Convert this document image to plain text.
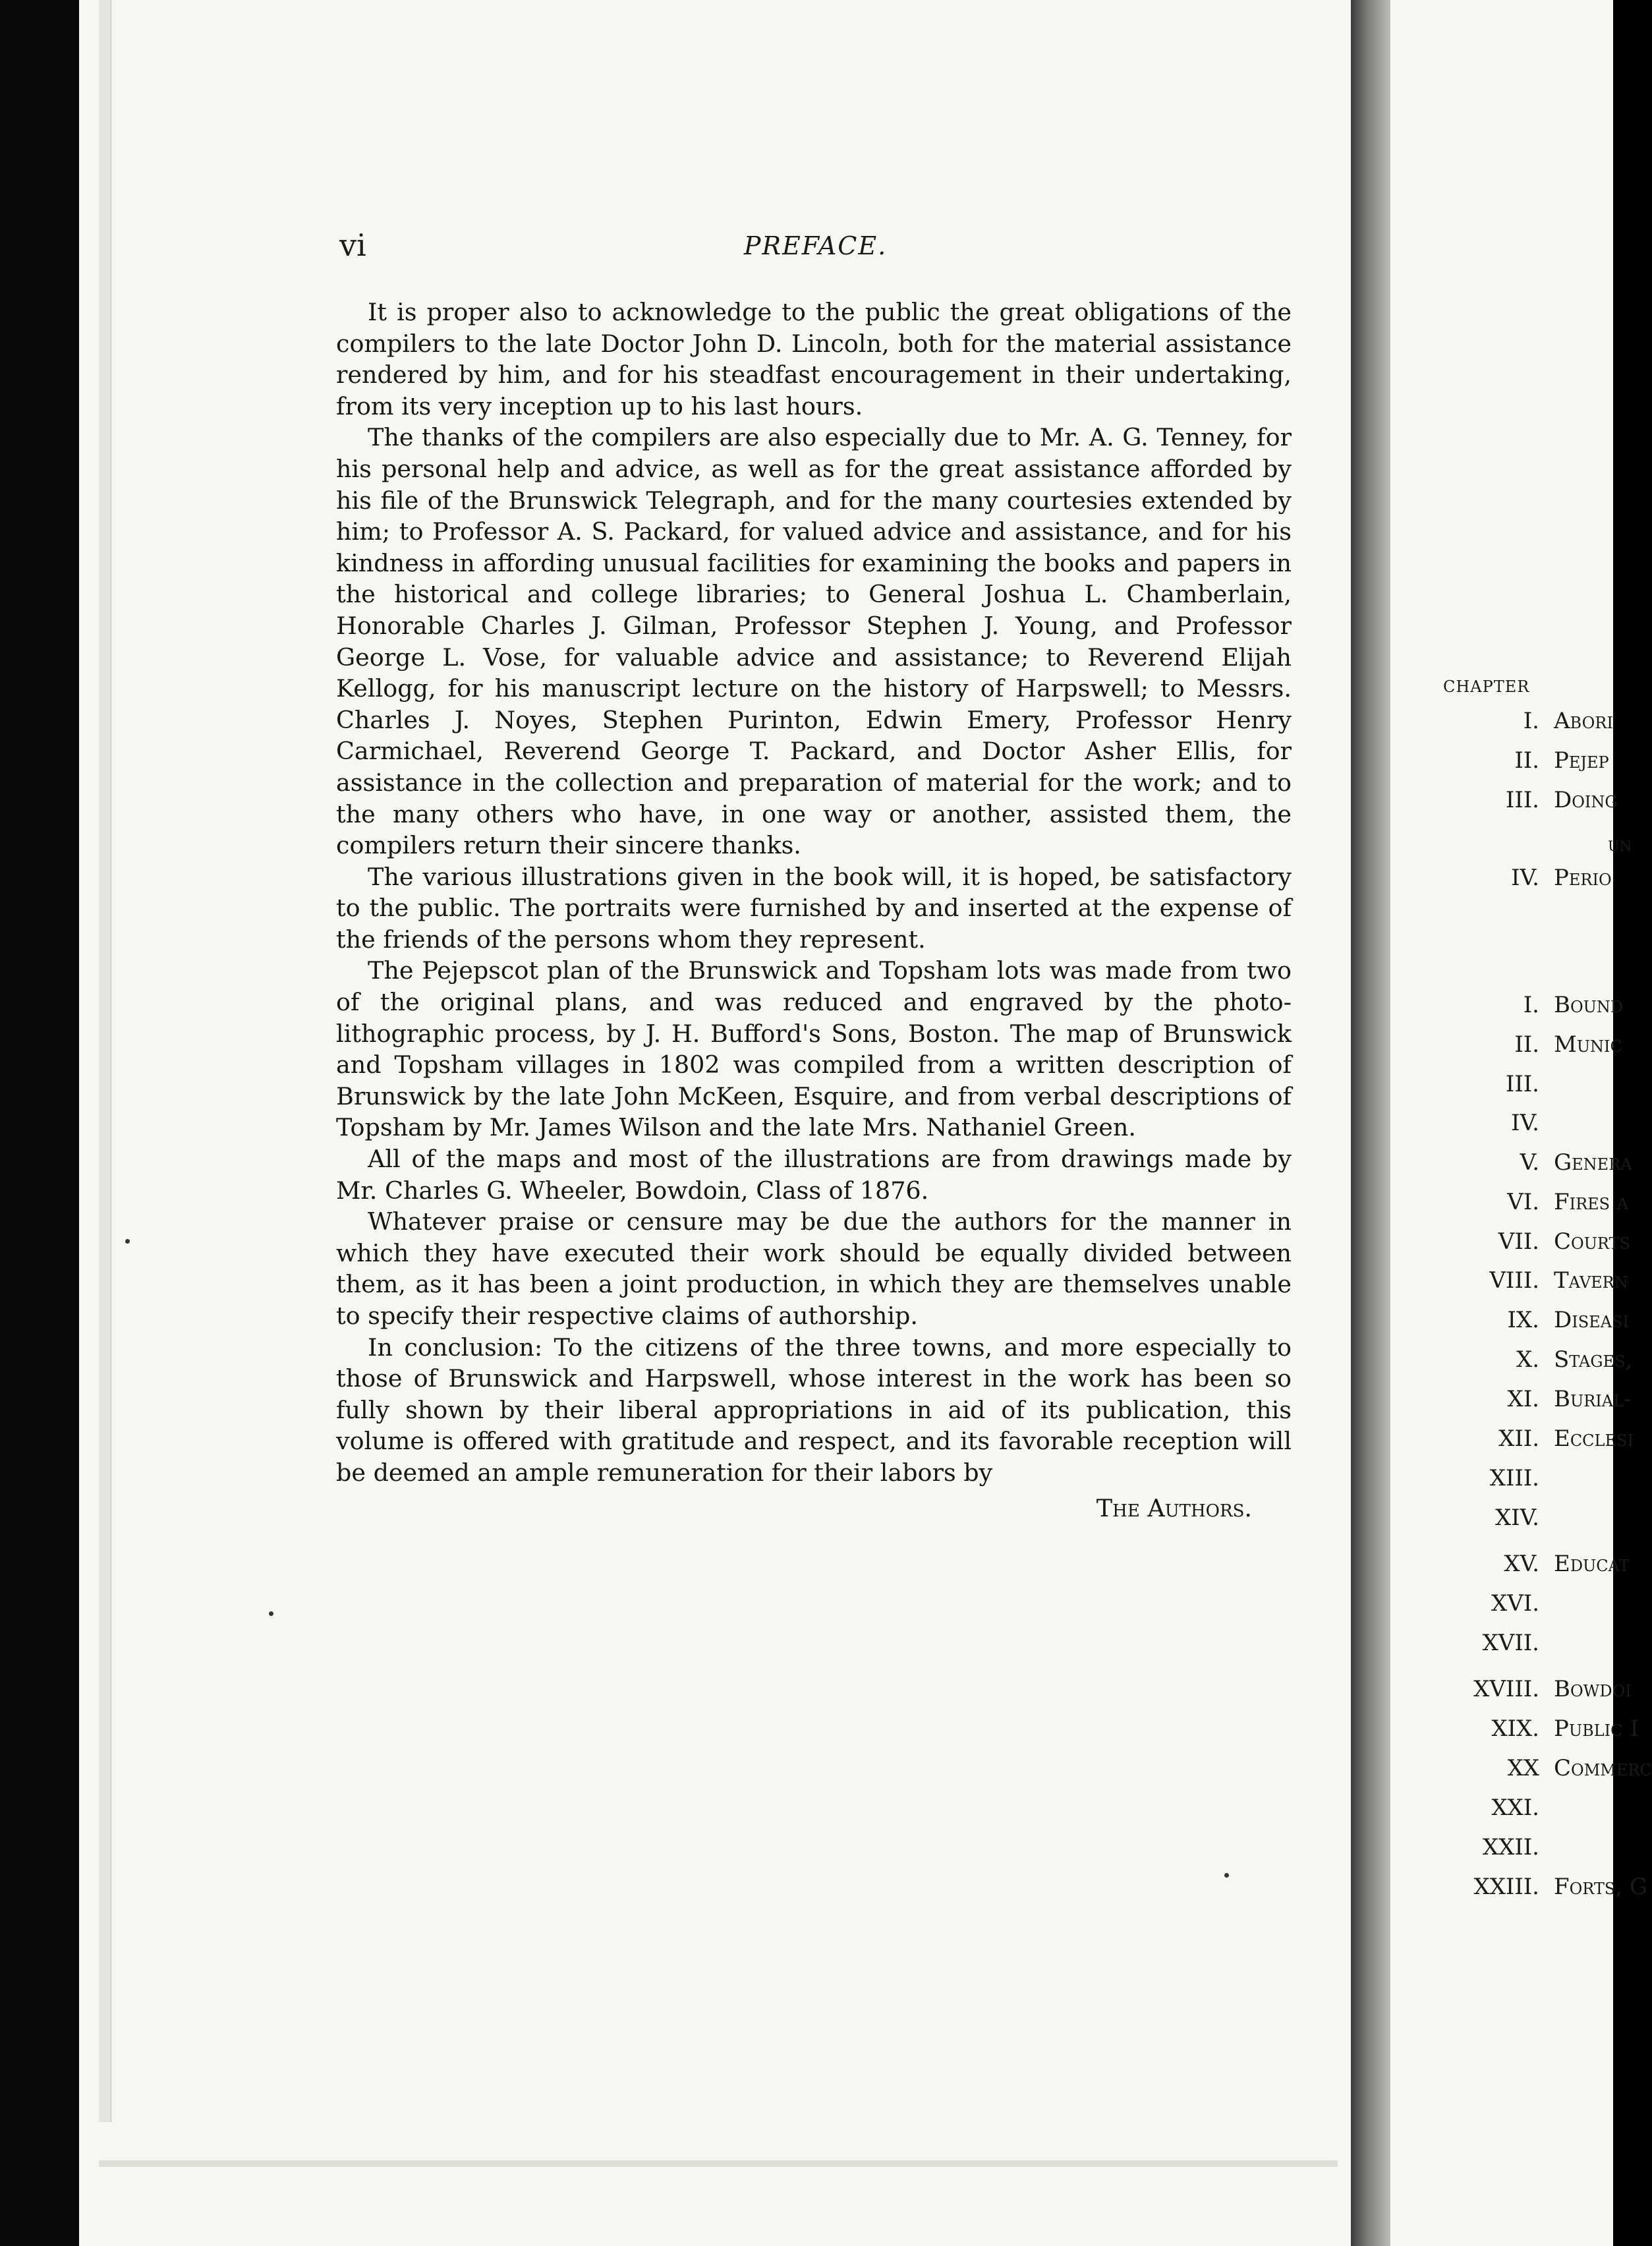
vi	PREFACE.

It is proper also to acknowledge to the public the great obligations of the compilers to the late Doctor John D. Lincoln, both for the material assistance rendered by him, and for his steadfast encouragement in their undertaking, from its very inception up to his last hours.

The thanks of the compilers are also especially due to Mr. A. G. Tenney, for his personal help and advice, as well as for the great assistance afforded by his file of the Brunswick Telegraph, and for the many courtesies extended by him; to Professor A. S. Packard, for valued advice and assistance, and for his kindness in affording unusual facilities for examining the books and papers in the historical and college libraries; to General Joshua L. Chamberlain, Honorable Charles J. Gilman, Professor Stephen J. Young, and Professor George L. Vose, for valuable advice and assistance; to Reverend Elijah Kellogg, for his manuscript lecture on the history of Harpswell; to Messrs. Charles J. Noyes, Stephen Purinton, Edwin Emery, Professor Henry Carmichael, Reverend George T. Packard, and Doctor Asher Ellis, for assistance in the collection and preparation of material for the work; and to the many others who have, in one way or another, assisted them, the compilers return their sincere thanks.

The various illustrations given in the book will, it is hoped, be satisfactory to the public. The portraits were furnished by and inserted at the expense of the friends of the persons whom they represent.

The Pejepscot plan of the Brunswick and Topsham lots was made from two of the original plans, and was reduced and engraved by the photo-lithographic process, by J. H. Bufford's Sons, Boston. The map of Brunswick and Topsham villages in 1802 was compiled from a written description of Brunswick by the late John McKeen, Esquire, and from verbal descriptions of Topsham by Mr. James Wilson and the late Mrs. Nathaniel Green.

All of the maps and most of the illustrations are from drawings made by Mr. Charles G. Wheeler, Bowdoin, Class of 1876.

Whatever praise or censure may be due the authors for the manner in which they have executed their work should be equally divided between them, as it has been a joint production, in which they are themselves unable to specify their respective claims of authorship.

In conclusion: To the citizens of the three towns, and more especially to those of Brunswick and Harpswell, whose interest in the work has been so fully shown by their liberal appropriations in aid of its publication, this volume is offered with gratitude and respect, and its favorable reception will be deemed an ample remuneration for their labors by

The Authors.

CHAPTER
I. Abori
II. Pejep
III. Doing
un
IV. Perio
I. Bound
II. Munic
III.
IV.
V. Genera
VI. Fires a
VII. Courts
VIII. Tavern
IX. Diseasi
X. Stages,
XI. Burial-
XII. Ecclesi
XIII.
XIV.
XV. Educat
XVI.
XVII.
XVIII. Bowdoi
XIX. Public I
XX Commerc
XXI.
XXII.
XXIII. Forts, G
